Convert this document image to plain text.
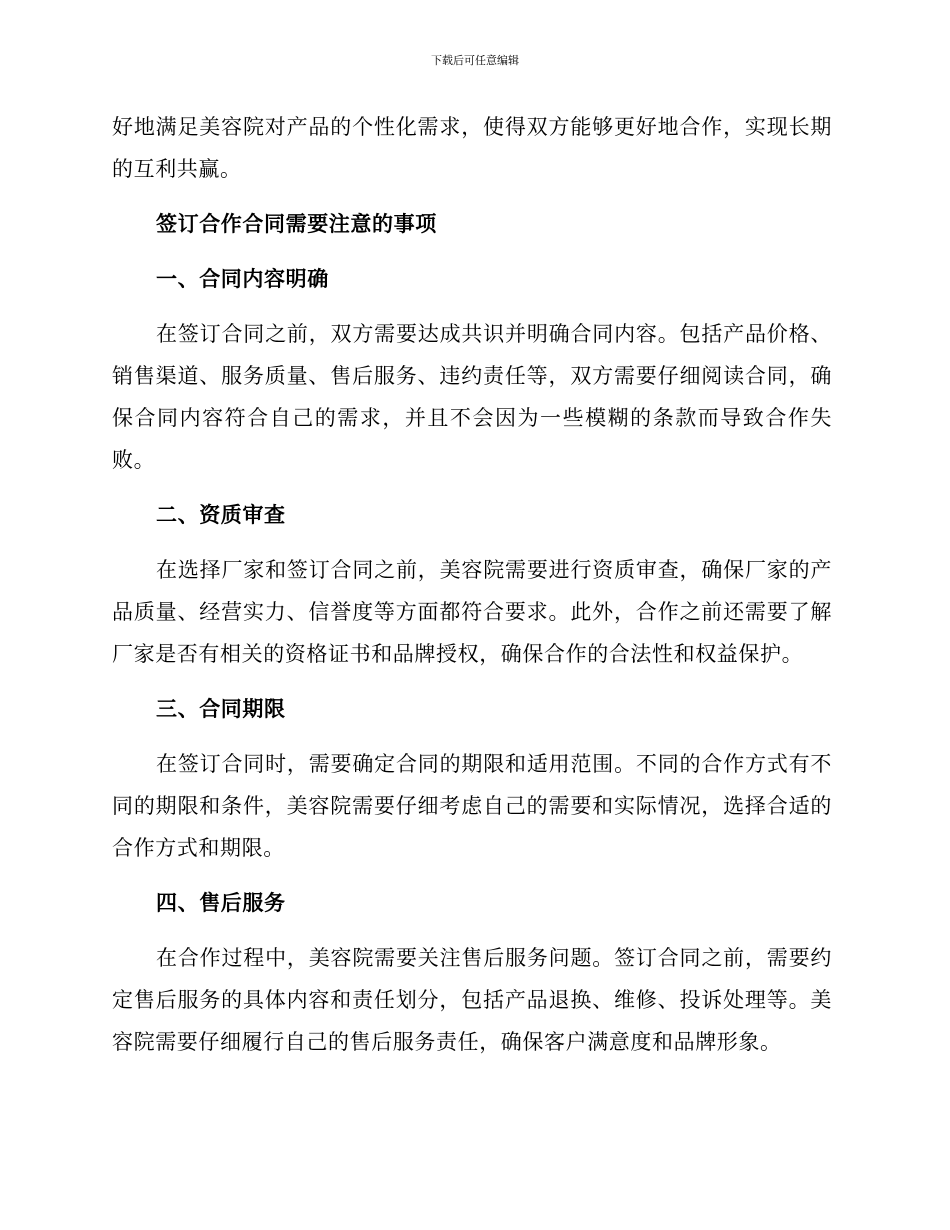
下载后可任意编辑

好地满足美容院对产品的个性化需求，使得双方能够更好地合作，实现长期的互利共赢。

签订合作合同需要注意的事项

一、合同内容明确

在签订合同之前，双方需要达成共识并明确合同内容。包括产品价格、销售渠道、服务质量、售后服务、违约责任等，双方需要仔细阅读合同，确保合同内容符合自己的需求，并且不会因为一些模糊的条款而导致合作失败。

二、资质审查

在选择厂家和签订合同之前，美容院需要进行资质审查，确保厂家的产品质量、经营实力、信誉度等方面都符合要求。此外，合作之前还需要了解厂家是否有相关的资格证书和品牌授权，确保合作的合法性和权益保护。

三、合同期限

在签订合同时，需要确定合同的期限和适用范围。不同的合作方式有不同的期限和条件，美容院需要仔细考虑自己的需要和实际情况，选择合适的合作方式和期限。

四、售后服务

在合作过程中，美容院需要关注售后服务问题。签订合同之前，需要约定售后服务的具体内容和责任划分，包括产品退换、维修、投诉处理等。美容院需要仔细履行自己的售后服务责任，确保客户满意度和品牌形象。
